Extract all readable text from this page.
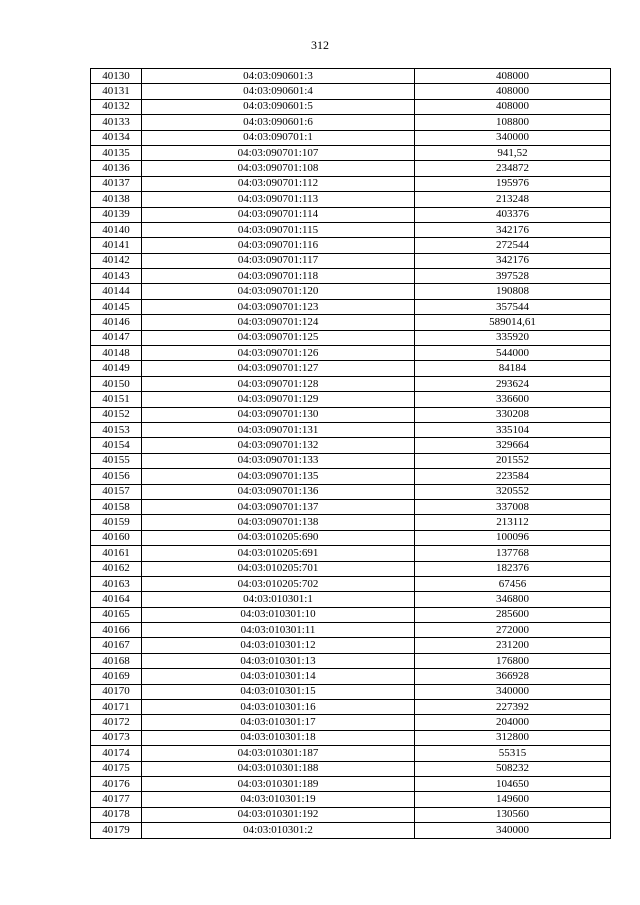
312
40130	04:03:090601:3	408000
40131	04:03:090601:4	408000
40132	04:03:090601:5	408000
40133	04:03:090601:6	108800
40134	04:03:090701:1	340000
40135	04:03:090701:107	941,52
40136	04:03:090701:108	234872
40137	04:03:090701:112	195976
40138	04:03:090701:113	213248
40139	04:03:090701:114	403376
40140	04:03:090701:115	342176
40141	04:03:090701:116	272544
40142	04:03:090701:117	342176
40143	04:03:090701:118	397528
40144	04:03:090701:120	190808
40145	04:03:090701:123	357544
40146	04:03:090701:124	589014,61
40147	04:03:090701:125	335920
40148	04:03:090701:126	544000
40149	04:03:090701:127	84184
40150	04:03:090701:128	293624
40151	04:03:090701:129	336600
40152	04:03:090701:130	330208
40153	04:03:090701:131	335104
40154	04:03:090701:132	329664
40155	04:03:090701:133	201552
40156	04:03:090701:135	223584
40157	04:03:090701:136	320552
40158	04:03:090701:137	337008
40159	04:03:090701:138	213112
40160	04:03:010205:690	100096
40161	04:03:010205:691	137768
40162	04:03:010205:701	182376
40163	04:03:010205:702	67456
40164	04:03:010301:1	346800
40165	04:03:010301:10	285600
40166	04:03:010301:11	272000
40167	04:03:010301:12	231200
40168	04:03:010301:13	176800
40169	04:03:010301:14	366928
40170	04:03:010301:15	340000
40171	04:03:010301:16	227392
40172	04:03:010301:17	204000
40173	04:03:010301:18	312800
40174	04:03:010301:187	55315
40175	04:03:010301:188	508232
40176	04:03:010301:189	104650
40177	04:03:010301:19	149600
40178	04:03:010301:192	130560
40179	04:03:010301:2	340000
